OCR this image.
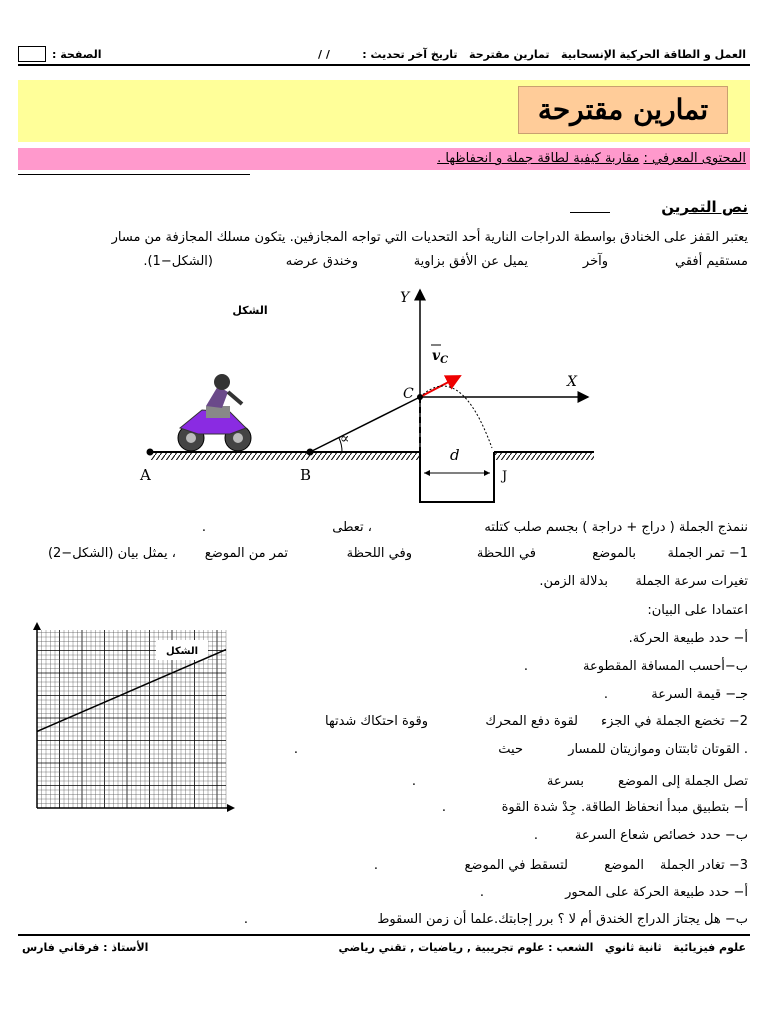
العمل و الطاقة الحركية الإنسحابية   تمارين مقترحة   تاريخ آخر تحديث :
/ /
الصفحة :
تمارين مقترحة
المحتوى المعرفي : مقاربة كيفية لطاقة جملة و انحفاظها .
نص التمرين
يعتبر القفز على الخنادق بواسطة الدراجات النارية أحد التحديات التي تواجه المجازفين. يتكون مسلك المجازفة من مسار
مستقيم أفقي
وآخر
يميل عن الأفق بزاوية
وخندق عرضه
(الشكل−1).
الشكل
Y
X
$v_C$
C
A	B
d
∝
J
ننمذج الجملة ( دراج + دراجة ) بجسم صلب كتلته
، تعطى
.
1− تمر الجملة
بالموضع
في اللحظة
وفي اللحظة
تمر من الموضع
، يمثل بيان (الشكل−2)
تغيرات سرعة الجملة
بدلالة الزمن.
اعتمادا على البيان:
أ− حدد طبيعة الحركة.
ب−أحسب المسافة المقطوعة
.
جـ− قيمة السرعة
.
2− تخضع الجملة في الجزء
لقوة دفع المحرك
وقوة احتكاك شدتها
. القوتان ثابتتان وموازيتان للمسار
حيث
.
تصل الجملة إلى الموضع
بسرعة
.
أ− بتطبيق مبدأ انحفاظ الطاقة. جِدْ شدة القوة
.
ب− حدد خصائص شعاع السرعة
.
3− تغادر الجملة
الموضع
لتسقط في الموضع
.
أ− حدد طبيعة الحركة على المحور
.
ب− هل يجتاز الدراج الخندق أم لا ؟ برر إجابتك.علما أن زمن السقوط
.
الشكل
علوم فيزيائية   ثانية ثانوي   الشعب : علوم تجريبية , رياضيات , تقني رياضي
الأستاذ : فرقاني فارس
